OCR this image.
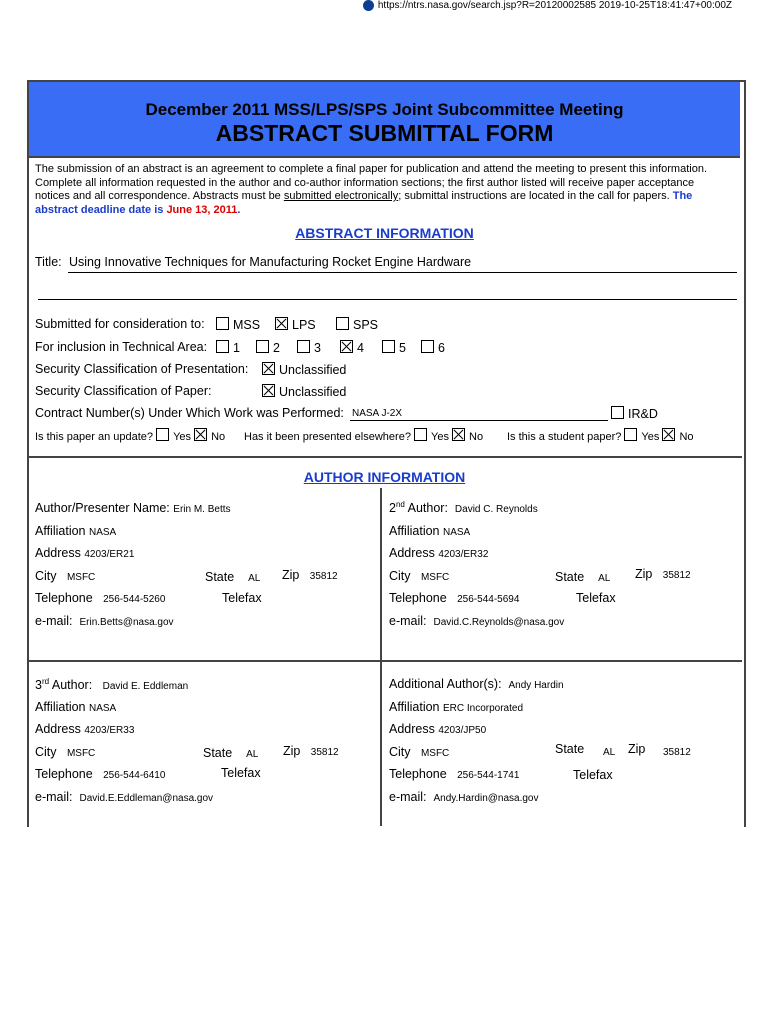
https://ntrs.nasa.gov/search.jsp?R=20120002585 2019-10-25T18:41:47+00:00Z
December 2011 MSS/LPS/SPS Joint Subcommittee Meeting
ABSTRACT SUBMITTAL FORM
The submission of an abstract is an agreement to complete a final paper for publication and attend the meeting to present this information.
Complete all information requested in the author and co-author information sections; the first author listed will receive paper acceptance
notices and all correspondence. Abstracts must be submitted electronically; submittal instructions are located in the call for papers. The
abstract deadline date is June 13, 2011.
ABSTRACT INFORMATION
Title: Using Innovative Techniques for Manufacturing Rocket Engine Hardware
Submitted for consideration to:	MSS	LPS	SPS
For inclusion in Technical Area:	1	2	3	4	5	6
Security Classification of Presentation:	Unclassified
Security Classification of Paper:	Unclassified
Contract Number(s) Under Which Work was Performed: NASA J-2X	IR&D
Is this paper an update? Yes No Has it been presented elsewhere? Yes No Is this a student paper? Yes No
AUTHOR INFORMATION
Author/Presenter Name: Erin M. Betts
Affiliation NASA
Address 4203/ER21
City MSFC	State AL Zip 35812
Telephone 256-544-5260	Telefax
e-mail: Erin.Betts@nasa.gov
2nd Author: David C. Reynolds
Affiliation NASA
Address 4203/ER32
City MSFC	State AL Zip 35812
Telephone 256-544-5694	Telefax
e-mail: David.C.Reynolds@nasa.gov
3rd Author: David E. Eddleman
Affiliation NASA
Address 4203/ER33
City MSFC	State AL Zip 35812
Telephone 256-544-6410	Telefax
e-mail: David.E.Eddleman@nasa.gov
Additional Author(s): Andy Hardin
Affiliation ERC Incorporated
Address 4203/JP50
City MSFC	State AL Zip 35812
Telephone 256-544-1741	Telefax
e-mail: Andy.Hardin@nasa.gov
